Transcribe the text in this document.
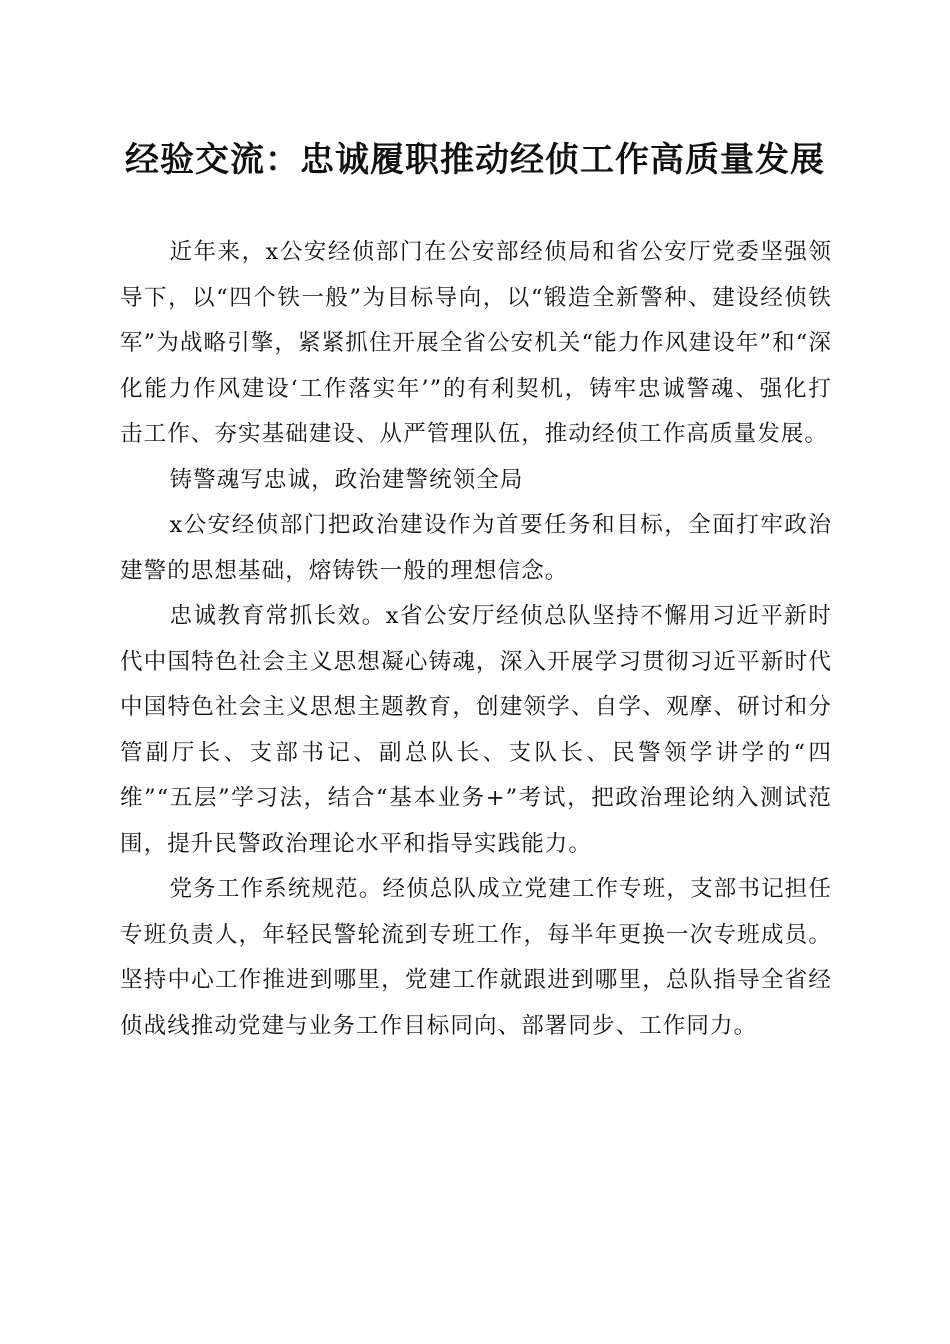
经验交流：忠诚履职推动经侦工作高质量发展

近年来，x公安经侦部门在公安部经侦局和省公安厅党委坚强领导下，以“四个铁一般”为目标导向，以“锻造全新警种、建设经侦铁军”为战略引擎，紧紧抓住开展全省公安机关“能力作风建设年”和“深化能力作风建设‘工作落实年’”的有利契机，铸牢忠诚警魂、强化打击工作、夯实基础建设、从严管理队伍，推动经侦工作高质量发展。

铸警魂写忠诚，政治建警统领全局

x公安经侦部门把政治建设作为首要任务和目标，全面打牢政治建警的思想基础，熔铸铁一般的理想信念。

忠诚教育常抓长效。x省公安厅经侦总队坚持不懈用习近平新时代中国特色社会主义思想凝心铸魂，深入开展学习贯彻习近平新时代中国特色社会主义思想主题教育，创建领学、自学、观摩、研讨和分管副厅长、支部书记、副总队长、支队长、民警领学讲学的“四维”“五层”学习法，结合“基本业务+”考试，把政治理论纳入测试范围，提升民警政治理论水平和指导实践能力。

党务工作系统规范。经侦总队成立党建工作专班，支部书记担任专班负责人，年轻民警轮流到专班工作，每半年更换一次专班成员。坚持中心工作推进到哪里，党建工作就跟进到哪里，总队指导全省经侦战线推动党建与业务工作目标同向、部署同步、工作同力。
